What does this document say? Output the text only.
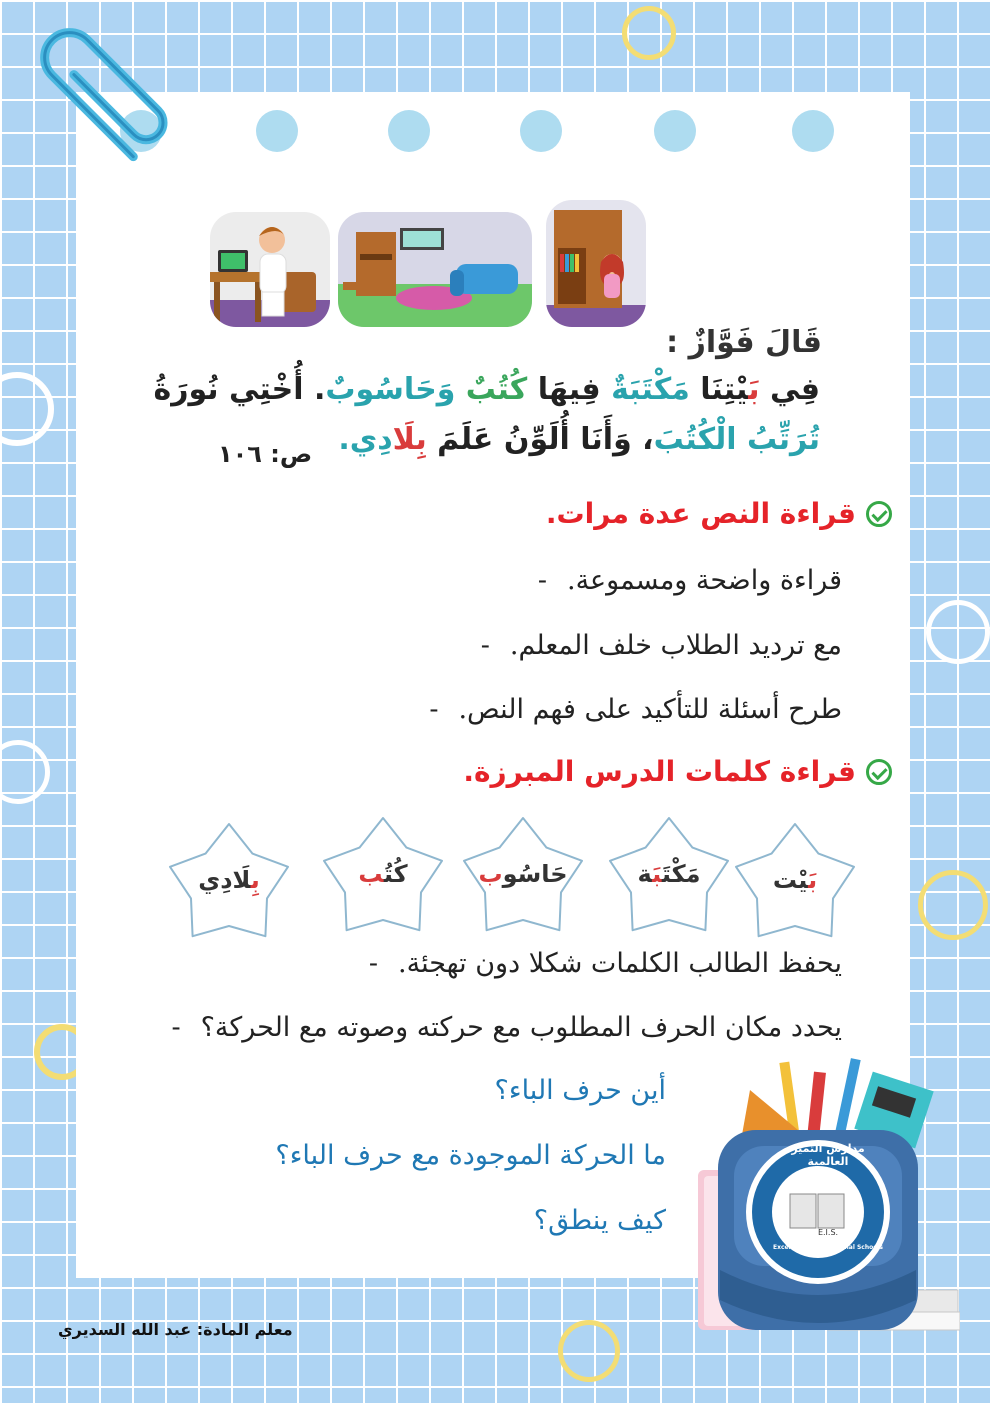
قَالَ فَوَّازٌ :
فِي بَيْتِنَا مَكْتَبَةٌ فِيهَا كُتُبٌ وَحَاسُوبٌ. أُخْتِي نُورَةُ
تُرَتِّبُ الْكُتُبَ، وَأَنَا أُلَوِّنُ عَلَمَ بِلَادِي.
ص: ١٠٦
قراءة النص عدة مرات.
- قراءة واضحة ومسموعة.
- مع ترديد الطلاب خلف المعلم.
- طرح أسئلة للتأكيد على فهم النص.
قراءة كلمات الدرس المبرزة.
بَيْت
مَكْتَبَة
حَاسُوب
كُتُب
بِلَادِي
- يحفظ الطالب الكلمات شكلا دون تهجئة.
- يحدد مكان الحرف المطلوب مع حركته وصوته مع الحركة؟
أين حرف الباء؟
ما الحركة الموجودة مع حرف الباء؟
كيف ينطق؟
مدارس التميز العالمية
E.I.S.
Excellence International Schools
معلم المادة: عبد الله السديري
